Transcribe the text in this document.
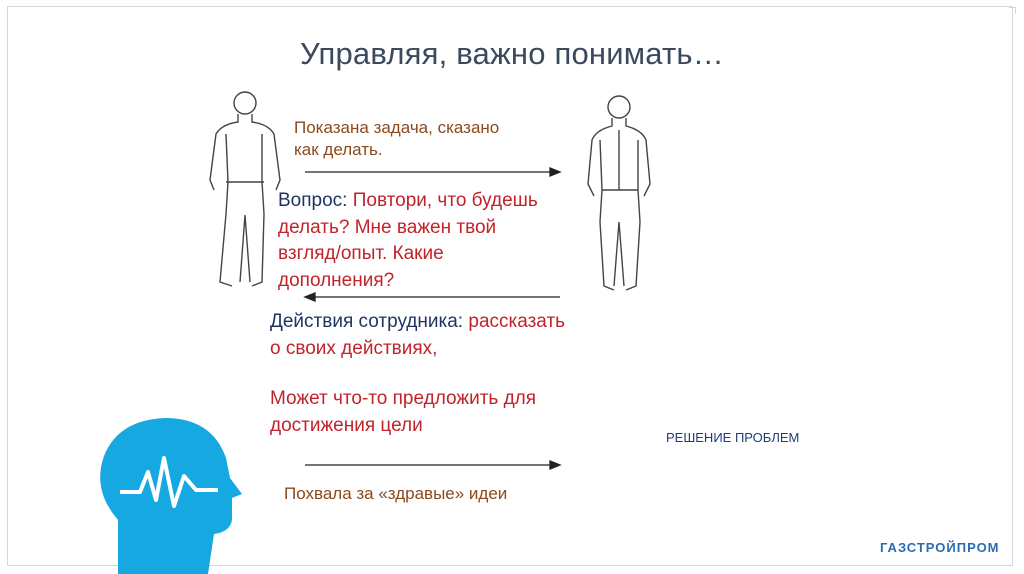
Управляя, важно понимать…
Показана задача, сказано
как делать.
Вопрос: Повтори, что будешь
делать? Мне важен твой
взгляд/опыт. Какие
дополнения?
Действия сотрудника: рассказать
о своих действиях,
Может что-то предложить для
достижения цели
РЕШЕНИЕ ПРОБЛЕМ
Похвала за «здравые» идеи
ГАЗСТРОЙПРОМ
